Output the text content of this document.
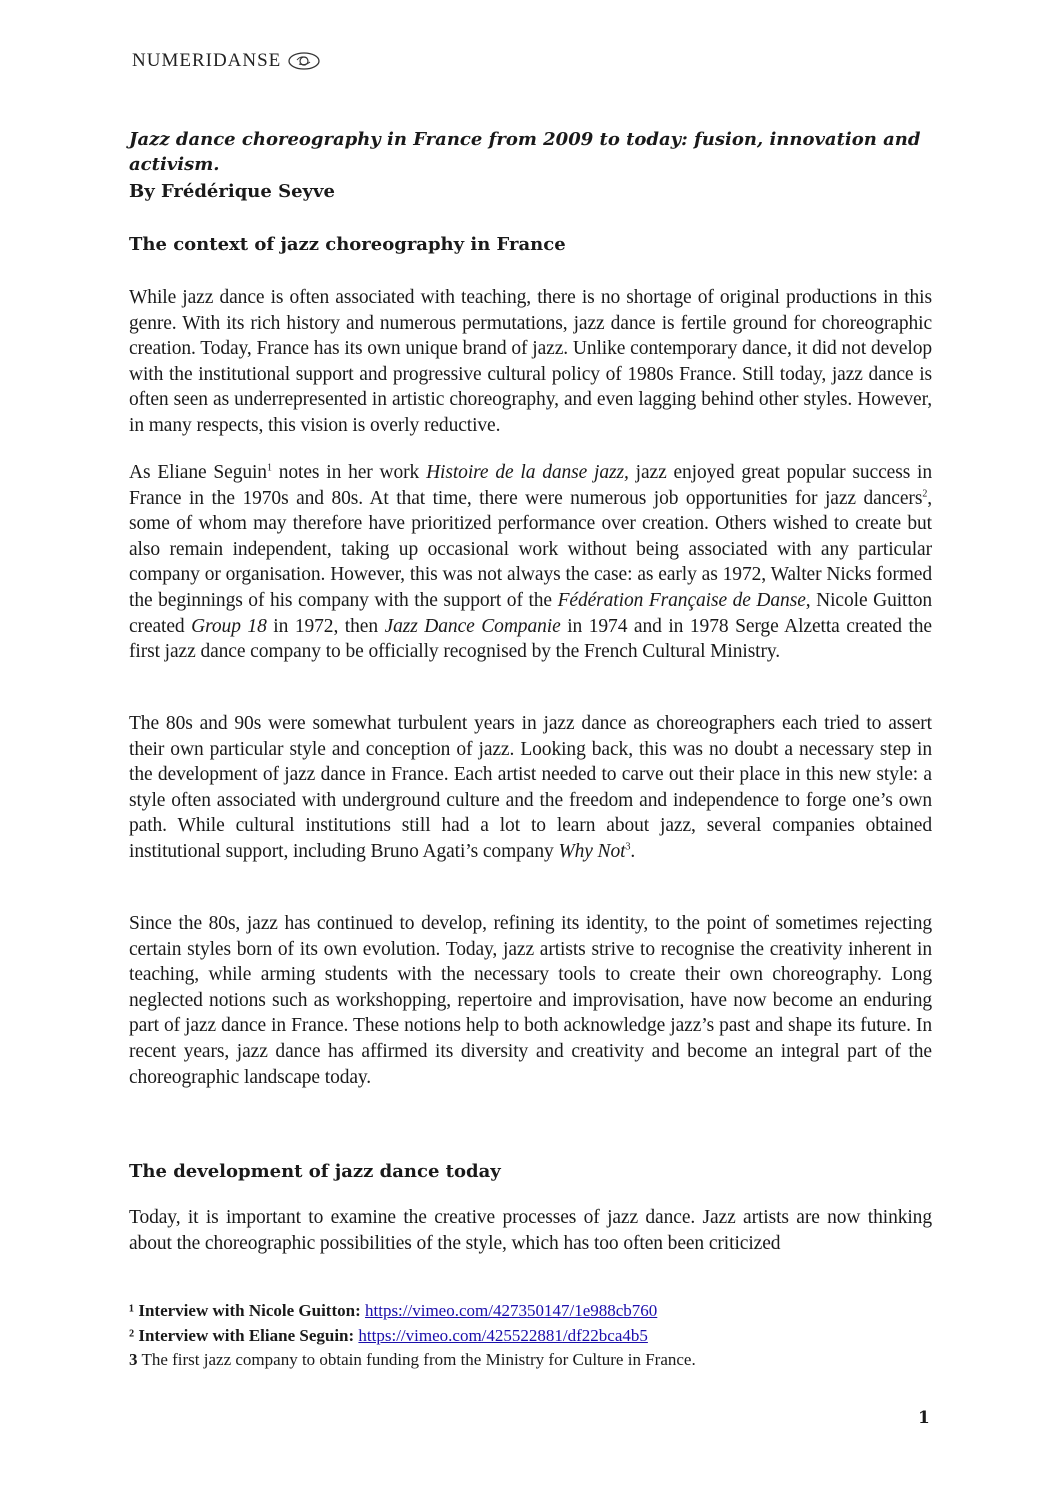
NUMERIDANSE
Jazz dance choreography in France from 2009 to today: fusion, innovation and activism.

By Frédérique Seyve

The context of jazz choreography in France

While jazz dance is often associated with teaching, there is no shortage of original productions in this genre. With its rich history and numerous permutations, jazz dance is fertile ground for choreographic creation. Today, France has its own unique brand of jazz. Unlike contemporary dance, it did not develop with the institutional support and progressive cultural policy of 1980s France. Still today, jazz dance is often seen as underrepresented in artistic choreography, and even lagging behind other styles. However, in many respects, this vision is overly reductive.

As Eliane Seguin$^1$ notes in her work Histoire de la danse jazz, jazz enjoyed great popular success in France in the 1970s and 80s. At that time, there were numerous job opportunities for jazz dancers$^2$, some of whom may therefore have prioritized performance over creation. Others wished to create but also remain independent, taking up occasional work without being associated with any particular company or organisation. However, this was not always the case: as early as 1972, Walter Nicks formed the beginnings of his company with the support of the Fédération Française de Danse, Nicole Guitton created Group 18 in 1972, then Jazz Dance Companie in 1974 and in 1978 Serge Alzetta created the first jazz dance company to be officially recognised by the French Cultural Ministry.

The 80s and 90s were somewhat turbulent years in jazz dance as choreographers each tried to assert their own particular style and conception of jazz. Looking back, this was no doubt a necessary step in the development of jazz dance in France. Each artist needed to carve out their place in this new style: a style often associated with underground culture and the freedom and independence to forge one’s own path. While cultural institutions still had a lot to learn about jazz, several companies obtained institutional support, including Bruno Agati’s company Why Not$^3$.

Since the 80s, jazz has continued to develop, refining its identity, to the point of sometimes rejecting certain styles born of its own evolution. Today, jazz artists strive to recognise the creativity inherent in teaching, while arming students with the necessary tools to create their own choreography. Long neglected notions such as workshopping, repertoire and improvisation, have now become an enduring part of jazz dance in France. These notions help to both acknowledge jazz’s past and shape its future. In recent years, jazz dance has affirmed its diversity and creativity and become an integral part of the choreographic landscape today.

The development of jazz dance today

Today, it is important to examine the creative processes of jazz dance. Jazz artists are now thinking about the choreographic possibilities of the style, which has too often been criticized

¹ Interview with Nicole Guitton: https://vimeo.com/427350147/1e988cb760

² Interview with Eliane Seguin: https://vimeo.com/425522881/df22bca4b5

3 The first jazz company to obtain funding from the Ministry for Culture in France.

1
